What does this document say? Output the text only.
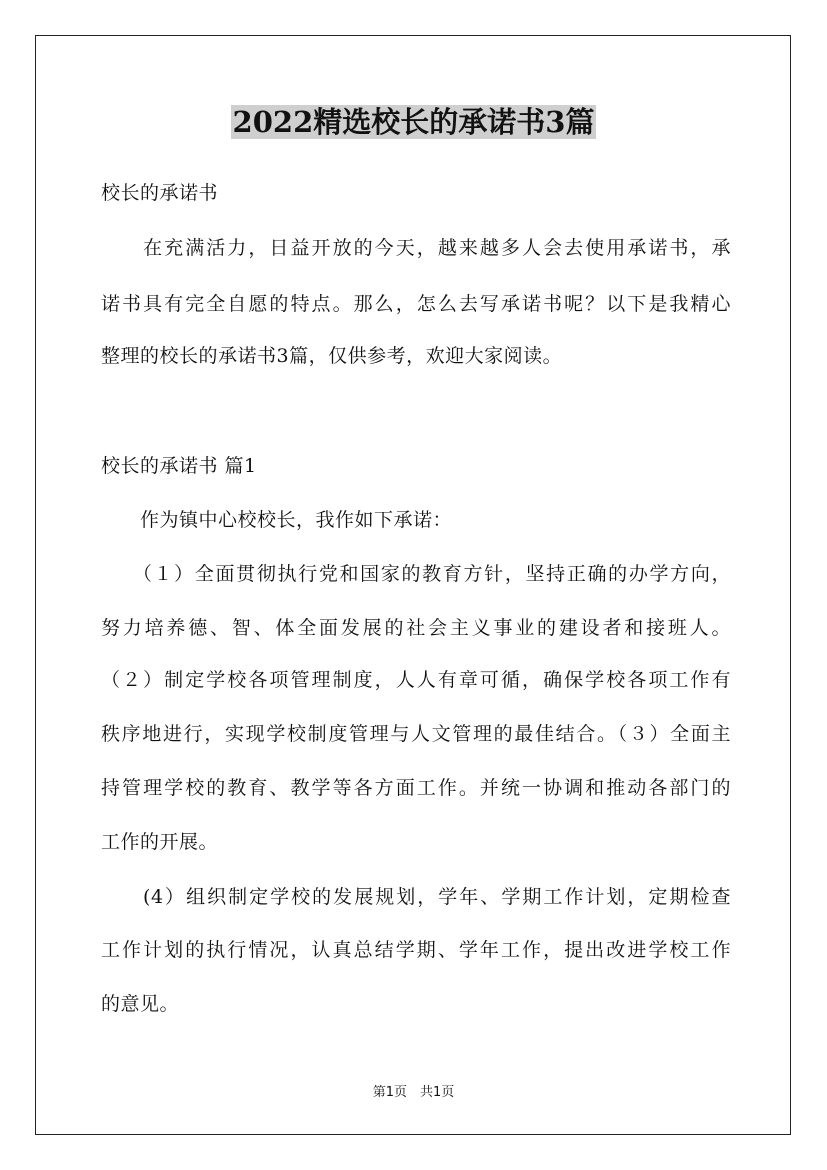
2022精选校长的承诺书3篇
校长的承诺书
　　在充满活力，日益开放的今天，越来越多人会去使用承诺书，承
诺书具有完全自愿的特点。那么，怎么去写承诺书呢？以下是我精心
整理的校长的承诺书3篇，仅供参考，欢迎大家阅读。
校长的承诺书 篇1
　　作为镇中心校校长，我作如下承诺：
　　（１）全面贯彻执行党和国家的教育方针，坚持正确的办学方向，
努力培养德、智、体全面发展的社会主义事业的建设者和接班人。
（２）制定学校各项管理制度，人人有章可循，确保学校各项工作有
秩序地进行，实现学校制度管理与人文管理的最佳结合。（３）全面主
持管理学校的教育、教学等各方面工作。并统一协调和推动各部门的
工作的开展。
　　(4）组织制定学校的发展规划，学年、学期工作计划，定期检查
工作计划的执行情况，认真总结学期、学年工作，提出改进学校工作
的意见。
第1页　共1页
